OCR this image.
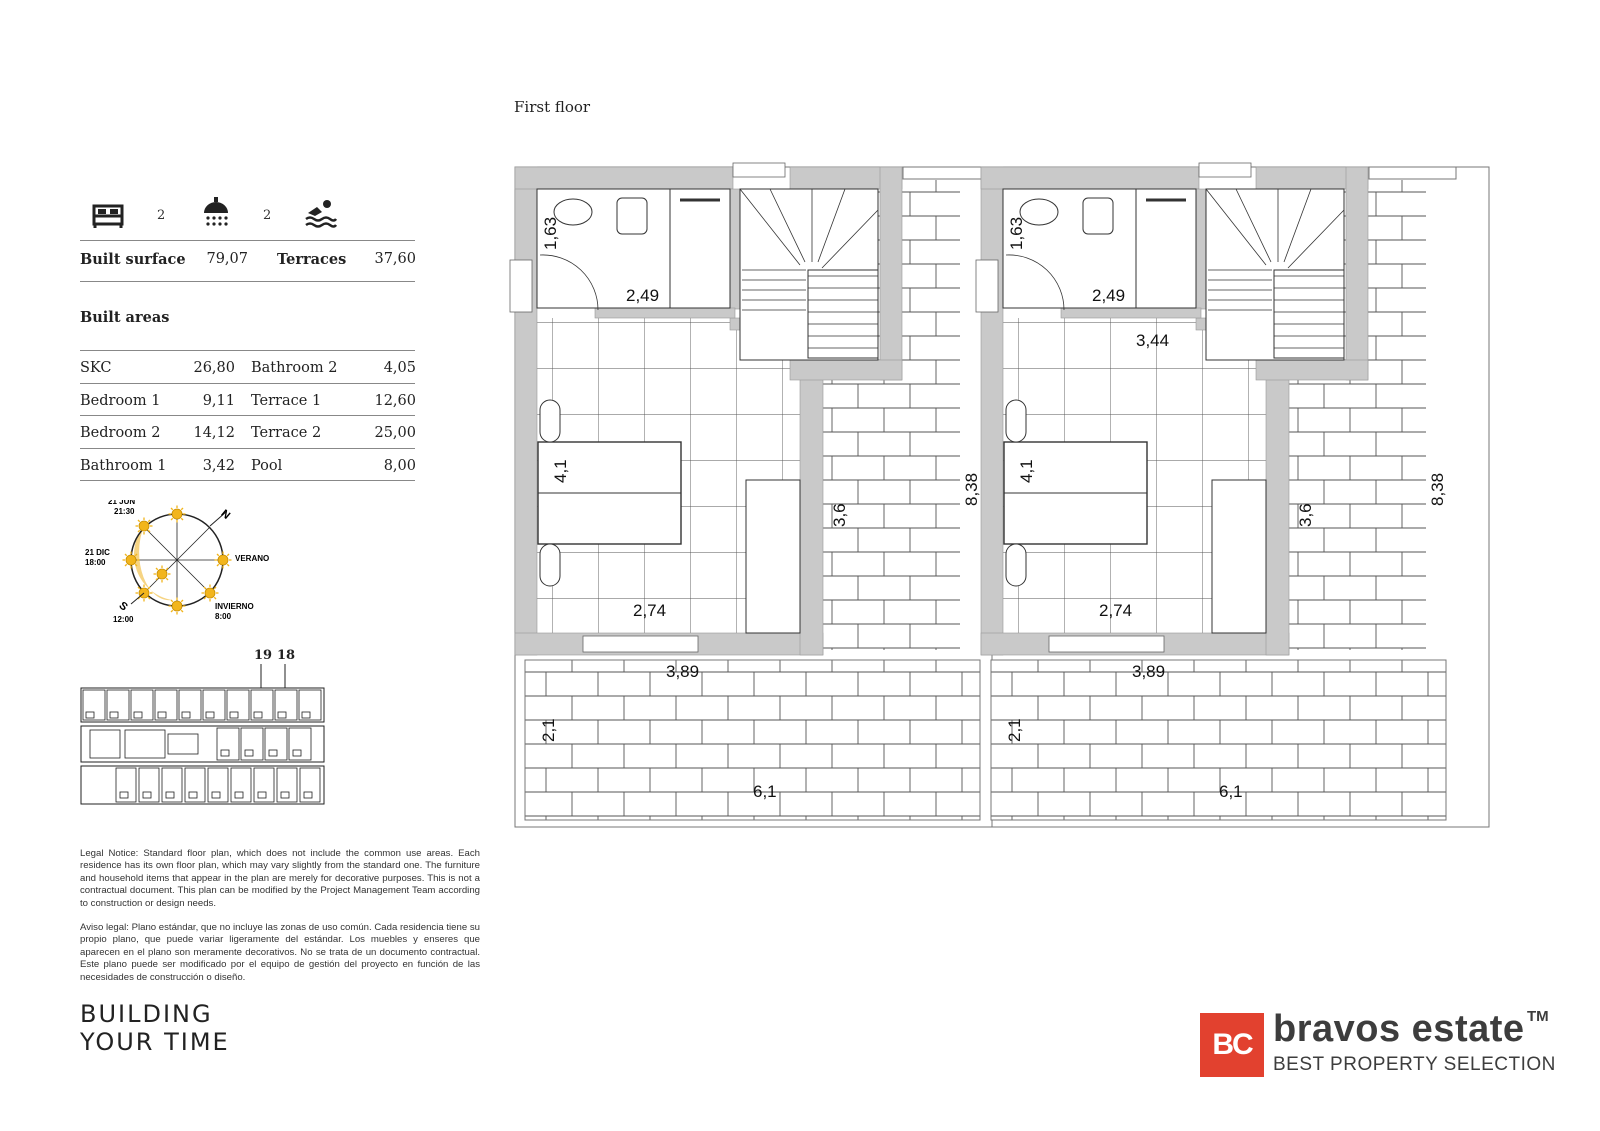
2	2
Built surface 79,07 Terraces 37,60
Built areas
SKC	26,80 Bathroom 2	4,05
Bedroom 1	9,11 Terrace 1	12,60
Bedroom 2 14,12 Terrace 2	25,00
Bathroom 1	3,42 Pool	8,00
N
S
VERANO
INVIERNO
8:00
21 JUN
21:30
21 DIC
18:00
12:00
19 18
Legal Notice: Standard floor plan, which does not include the common use areas. Each residence has its own floor plan, which may vary slightly from the standard one. The furniture and household items that appear in the plan are merely for decorative purposes. This is not a contractual document. This plan can be modified by the Project Management Team according to construction or design needs.
Aviso legal: Plano estándar, que no incluye las zonas de uso común. Cada residencia tiene su propio plano, que puede variar ligeramente del estándar. Los muebles y enseres que aparecen en el plano son meramente decorativos. No se trata de un documento contractual. Este plano puede ser modificado por el equipo de gestión del proyecto en función de las necesidades de construcción o diseño.
BUILDING
YOUR TIME
First floor
1,63
2,49
4,1
2,74
3,6
8,38
3,89
2,1
6,1
1,63
2,49
3,44
4,1
2,74
3,6
8,38
3,89
2,1
6,1
BC bravos estate TM
BEST PROPERTY SELECTION
